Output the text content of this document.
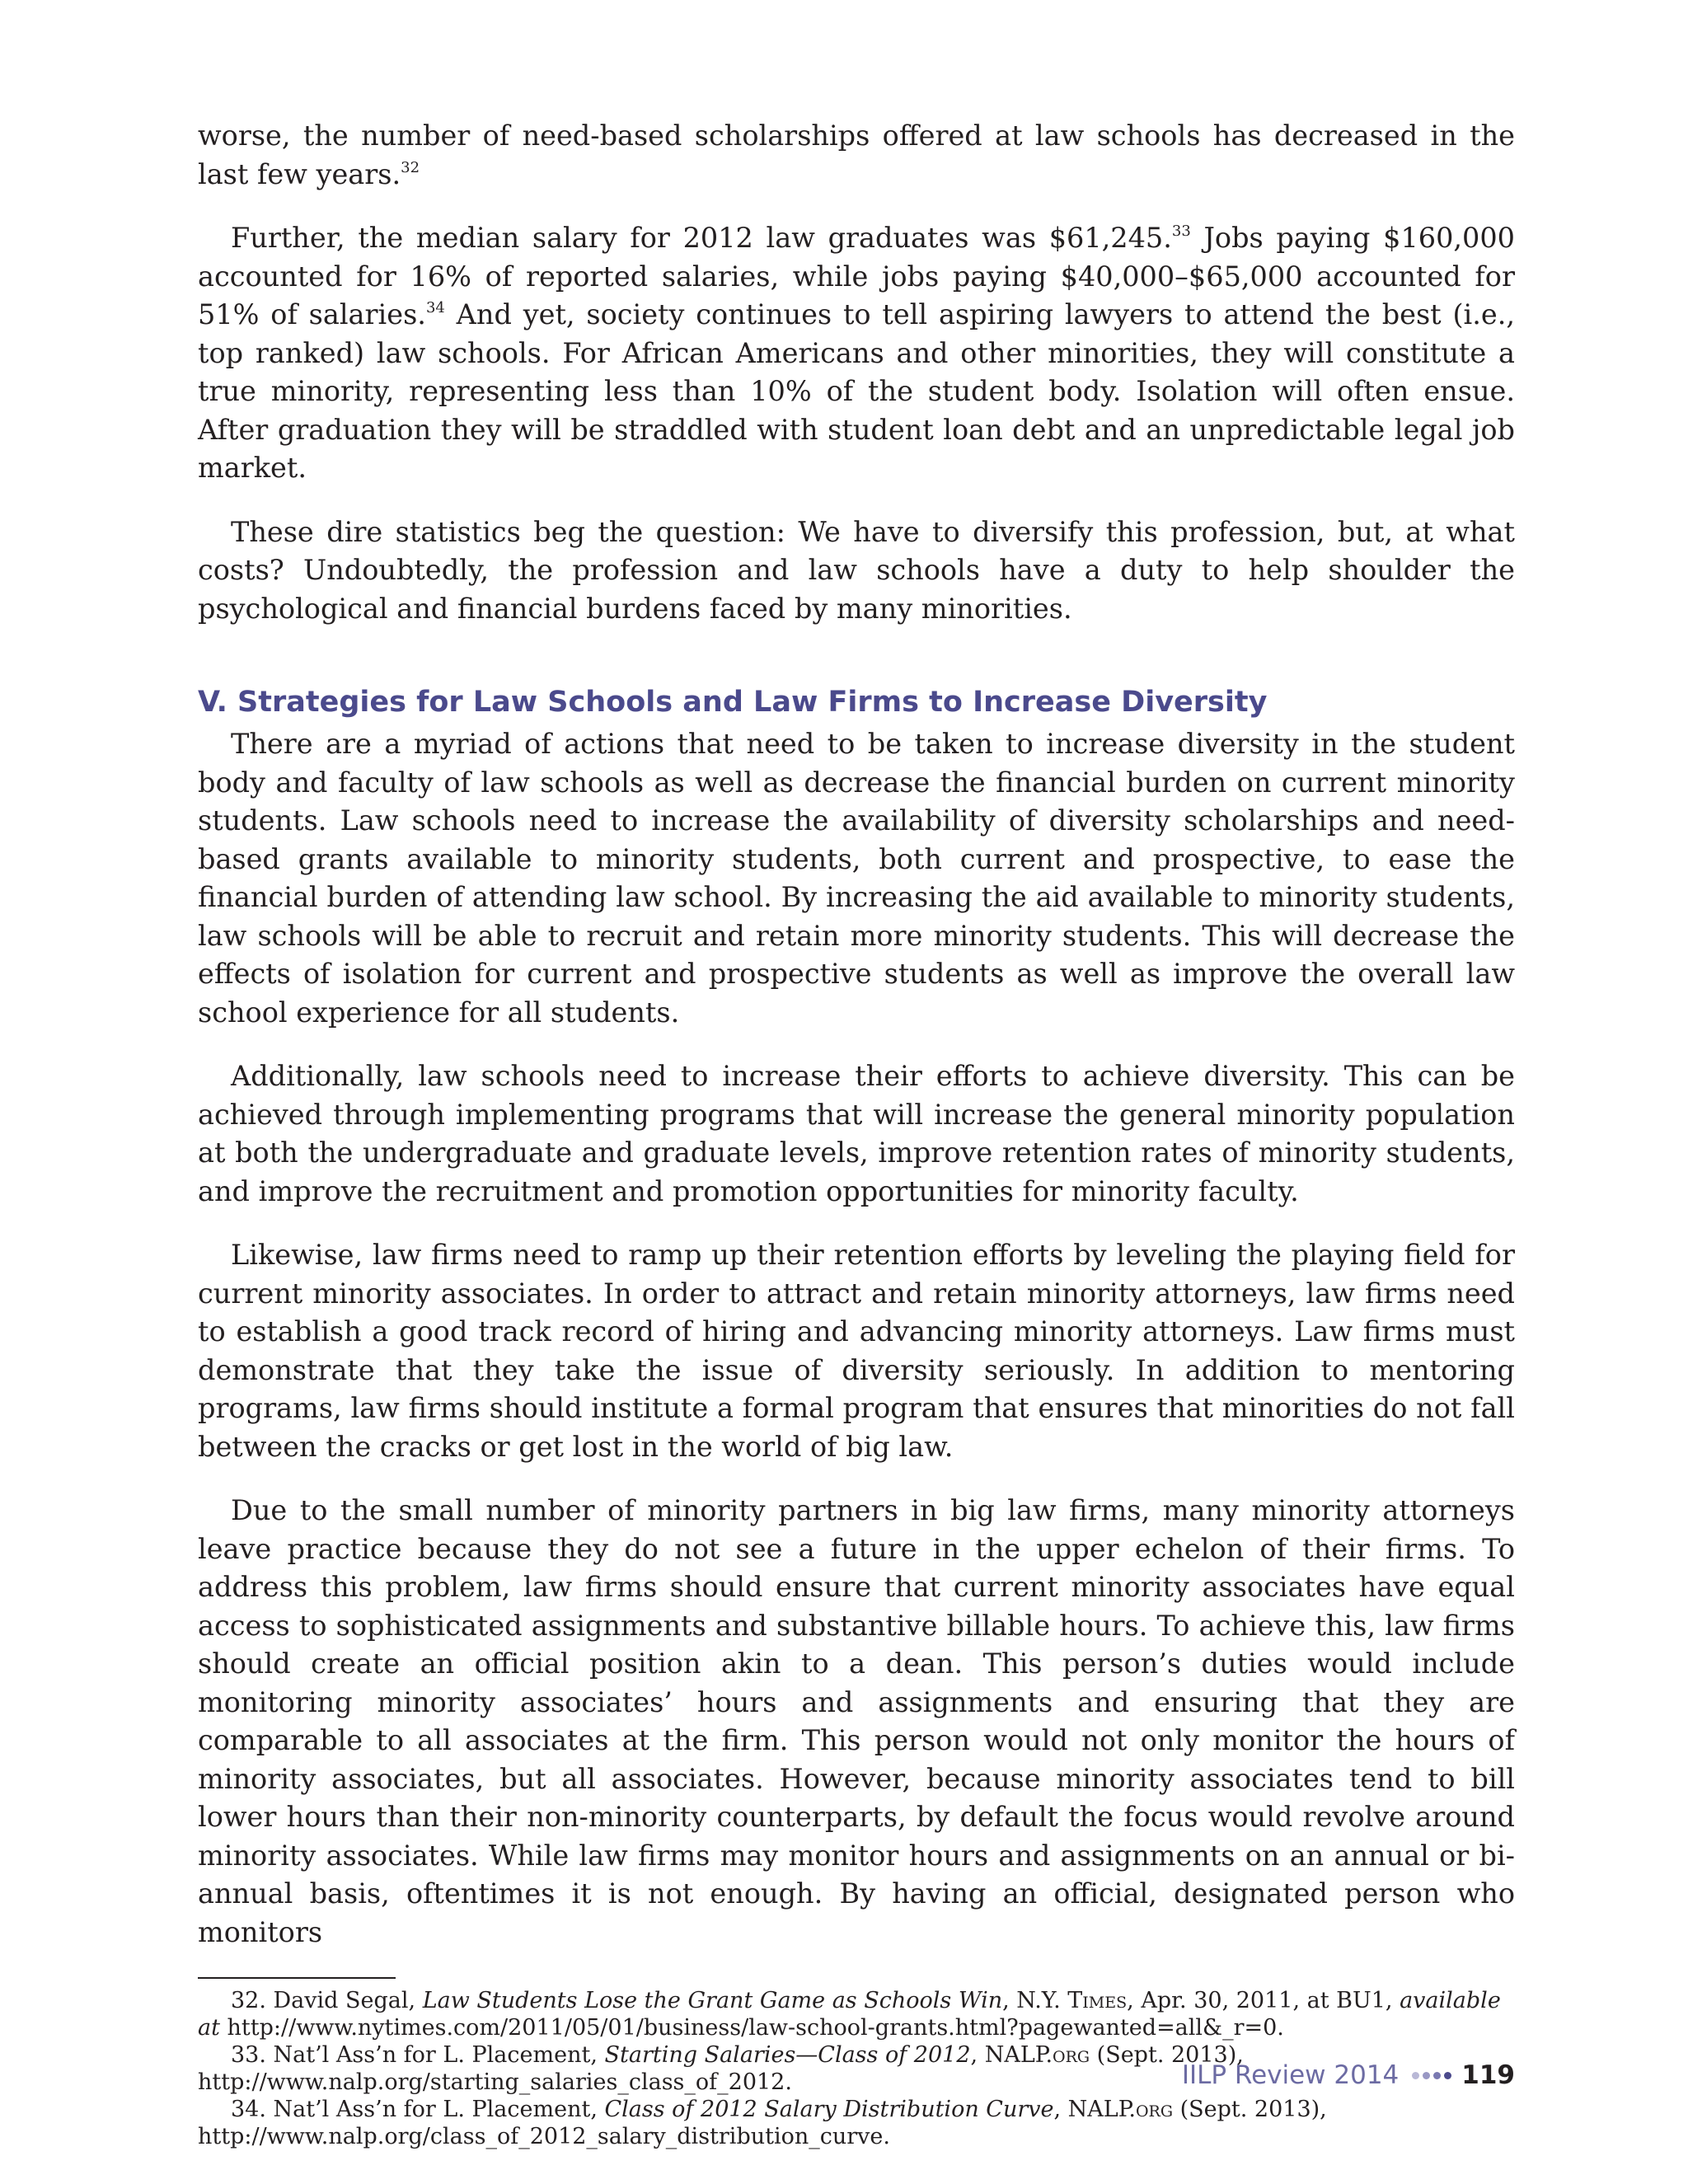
worse, the number of need-based scholarships offered at law schools has decreased in the last few years.$^{32}$

Further, the median salary for 2012 law graduates was $61,245.33 Jobs paying $160,000 accounted for 16% of reported salaries, while jobs paying $40,000–$65,000 accounted for 51% of salaries.$^{34}$ And yet, society continues to tell aspiring lawyers to attend the best (i.e., top ranked) law schools. For African Americans and other minorities, they will constitute a true minority, representing less than 10% of the student body. Isolation will often ensue. After graduation they will be straddled with student loan debt and an unpredictable legal job market.

These dire statistics beg the question: We have to diversify this profession, but, at what costs? Undoubtedly, the profession and law schools have a duty to help shoulder the psychological and financial burdens faced by many minorities.

V. Strategies for Law Schools and Law Firms to Increase Diversity

There are a myriad of actions that need to be taken to increase diversity in the student body and faculty of law schools as well as decrease the financial burden on current minority students. Law schools need to increase the availability of diversity scholarships and need-based grants available to minority students, both current and prospective, to ease the financial burden of attending law school. By increasing the aid available to minority students, law schools will be able to recruit and retain more minority students. This will decrease the effects of isolation for current and prospective students as well as improve the overall law school experience for all students.

Additionally, law schools need to increase their efforts to achieve diversity. This can be achieved through implementing programs that will increase the general minority population at both the undergraduate and graduate levels, improve retention rates of minority students, and improve the recruitment and promotion opportunities for minority faculty.

Likewise, law firms need to ramp up their retention efforts by leveling the playing field for current minority associates. In order to attract and retain minority attorneys, law firms need to establish a good track record of hiring and advancing minority attorneys. Law firms must demonstrate that they take the issue of diversity seriously. In addition to mentoring programs, law firms should institute a formal program that ensures that minorities do not fall between the cracks or get lost in the world of big law.

Due to the small number of minority partners in big law firms, many minority attorneys leave practice because they do not see a future in the upper echelon of their firms. To address this problem, law firms should ensure that current minority associates have equal access to sophisticated assignments and substantive billable hours. To achieve this, law firms should create an official position akin to a dean. This person’s duties would include monitoring minority associates’ hours and assignments and ensuring that they are comparable to all associates at the firm. This person would not only monitor the hours of minority associates, but all associates. However, because minority associates tend to bill lower hours than their non-minority counterparts, by default the focus would revolve around minority associates. While law firms may monitor hours and assignments on an annual or bi-annual basis, oftentimes it is not enough. By having an official, designated person who monitors

32. David Segal, Law Students Lose the Grant Game as Schools Win, N.Y. Times, Apr. 30, 2011, at BU1, available at http://www.nytimes.com/2011/05/01/business/law-school-grants.html?pagewanted=all&_r=0.

33. Nat’l Ass’n for L. Placement, Starting Salaries—Class of 2012, NALP.org (Sept. 2013), http://www.nalp.org/starting_salaries_class_of_2012.

34. Nat’l Ass’n for L. Placement, Class of 2012 Salary Distribution Curve, NALP.org (Sept. 2013), http://www.nalp.org/class_of_2012_salary_distribution_curve.

IILP Review 2014 119
